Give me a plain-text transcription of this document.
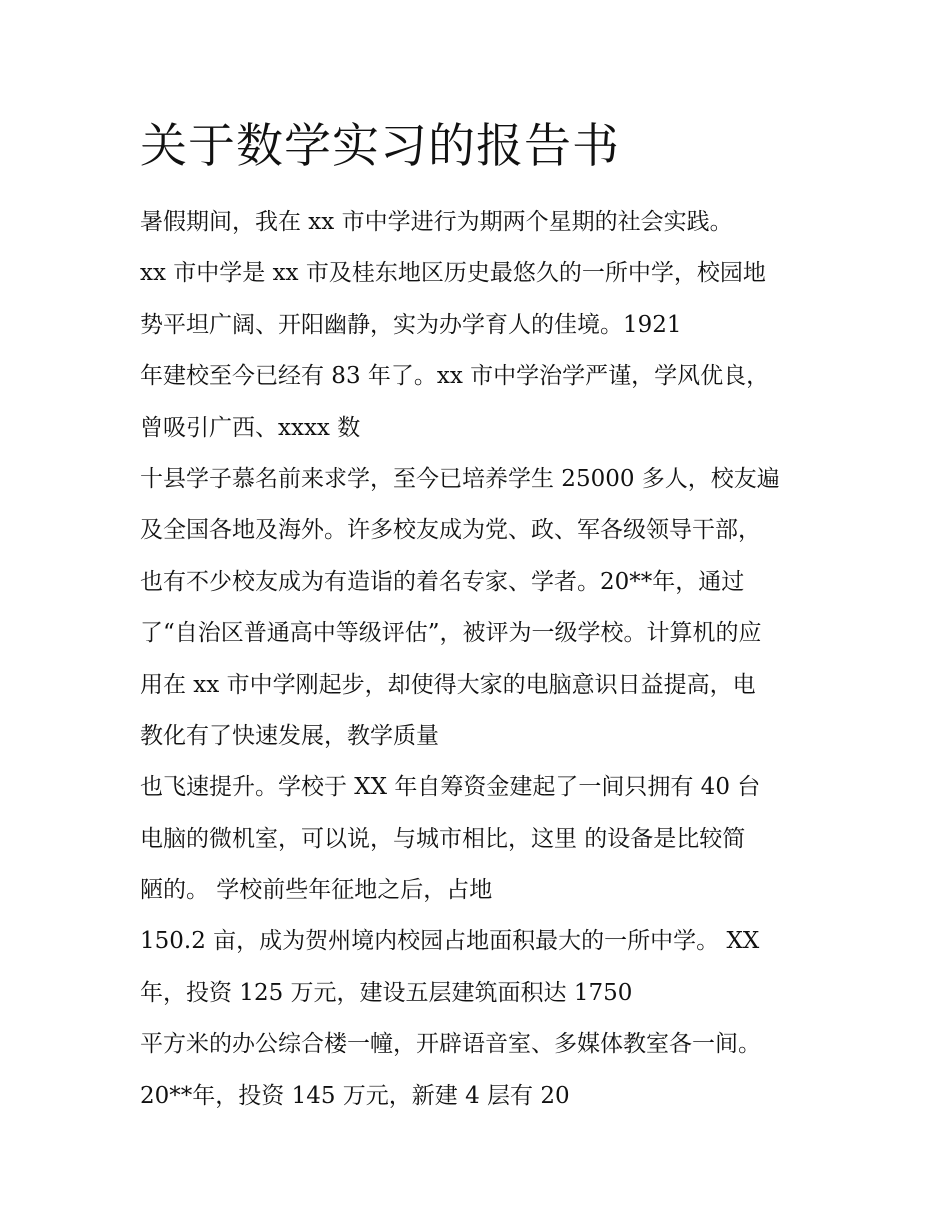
关于数学实习的报告书
暑假期间，我在 xx 市中学进行为期两个星期的社会实践。
xx 市中学是 xx 市及桂东地区历史最悠久的一所中学，校园地
势平坦广阔、开阳幽静，实为办学育人的佳境。1921
年建校至今已经有 83 年了。xx 市中学治学严谨，学风优良，
曾吸引广西、xxxx 数
十县学子慕名前来求学，至今已培养学生 25000 多人，校友遍
及全国各地及海外。许多校友成为党、政、军各级领导干部，
也有不少校友成为有造诣的着名专家、学者。20**年，通过
了“自治区普通高中等级评估”，被评为一级学校。计算机的应
用在 xx 市中学刚起步，却使得大家的电脑意识日益提高，电
教化有了快速发展，教学质量
也飞速提升。学校于 XX 年自筹资金建起了一间只拥有 40 台
电脑的微机室，可以说，与城市相比，这里 的设备是比较简
陋的。 学校前些年征地之后，占地
150.2 亩，成为贺州境内校园占地面积最大的一所中学。 XX
年，投资 125 万元，建设五层建筑面积达 1750
平方米的办公综合楼一幢，开辟语音室、多媒体教室各一间。
20**年，投资 145 万元，新建 4 层有 20
